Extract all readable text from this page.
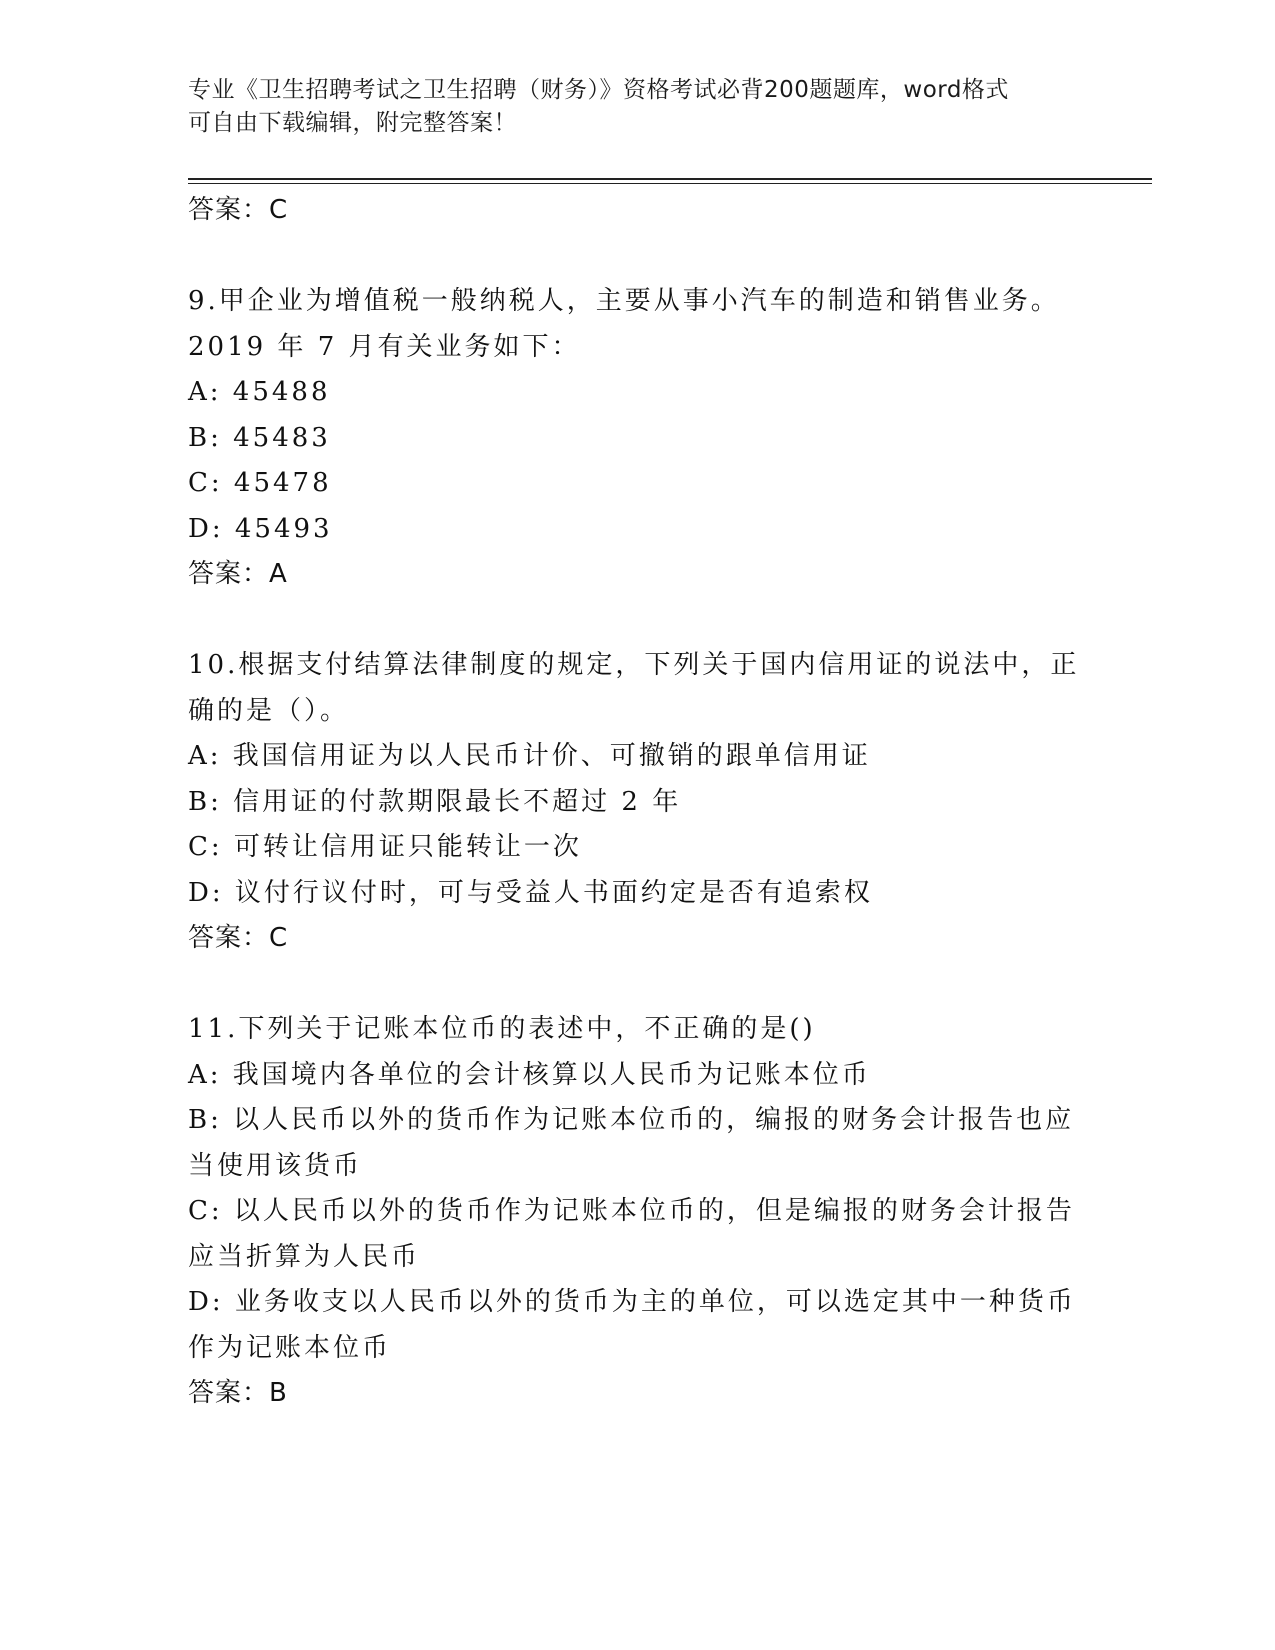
专业《卫生招聘考试之卫生招聘（财务）》资格考试必背200题题库，word格式
可自由下载编辑，附完整答案！
答案：C
9.甲企业为增值税一般纳税人，主要从事小汽车的制造和销售业务。
2019 年 7 月有关业务如下：
A: 45488
B: 45483
C: 45478
D: 45493
答案：A
10.根据支付结算法律制度的规定，下列关于国内信用证的说法中，正
确的是（）。
A: 我国信用证为以人民币计价、可撤销的跟单信用证
B: 信用证的付款期限最长不超过 2 年
C: 可转让信用证只能转让一次
D: 议付行议付时，可与受益人书面约定是否有追索权
答案：C
11.下列关于记账本位币的表述中，不正确的是()
A: 我国境内各单位的会计核算以人民币为记账本位币
B: 以人民币以外的货币作为记账本位币的，编报的财务会计报告也应
当使用该货币
C: 以人民币以外的货币作为记账本位币的，但是编报的财务会计报告
应当折算为人民币
D: 业务收支以人民币以外的货币为主的单位，可以选定其中一种货币
作为记账本位币
答案：B
